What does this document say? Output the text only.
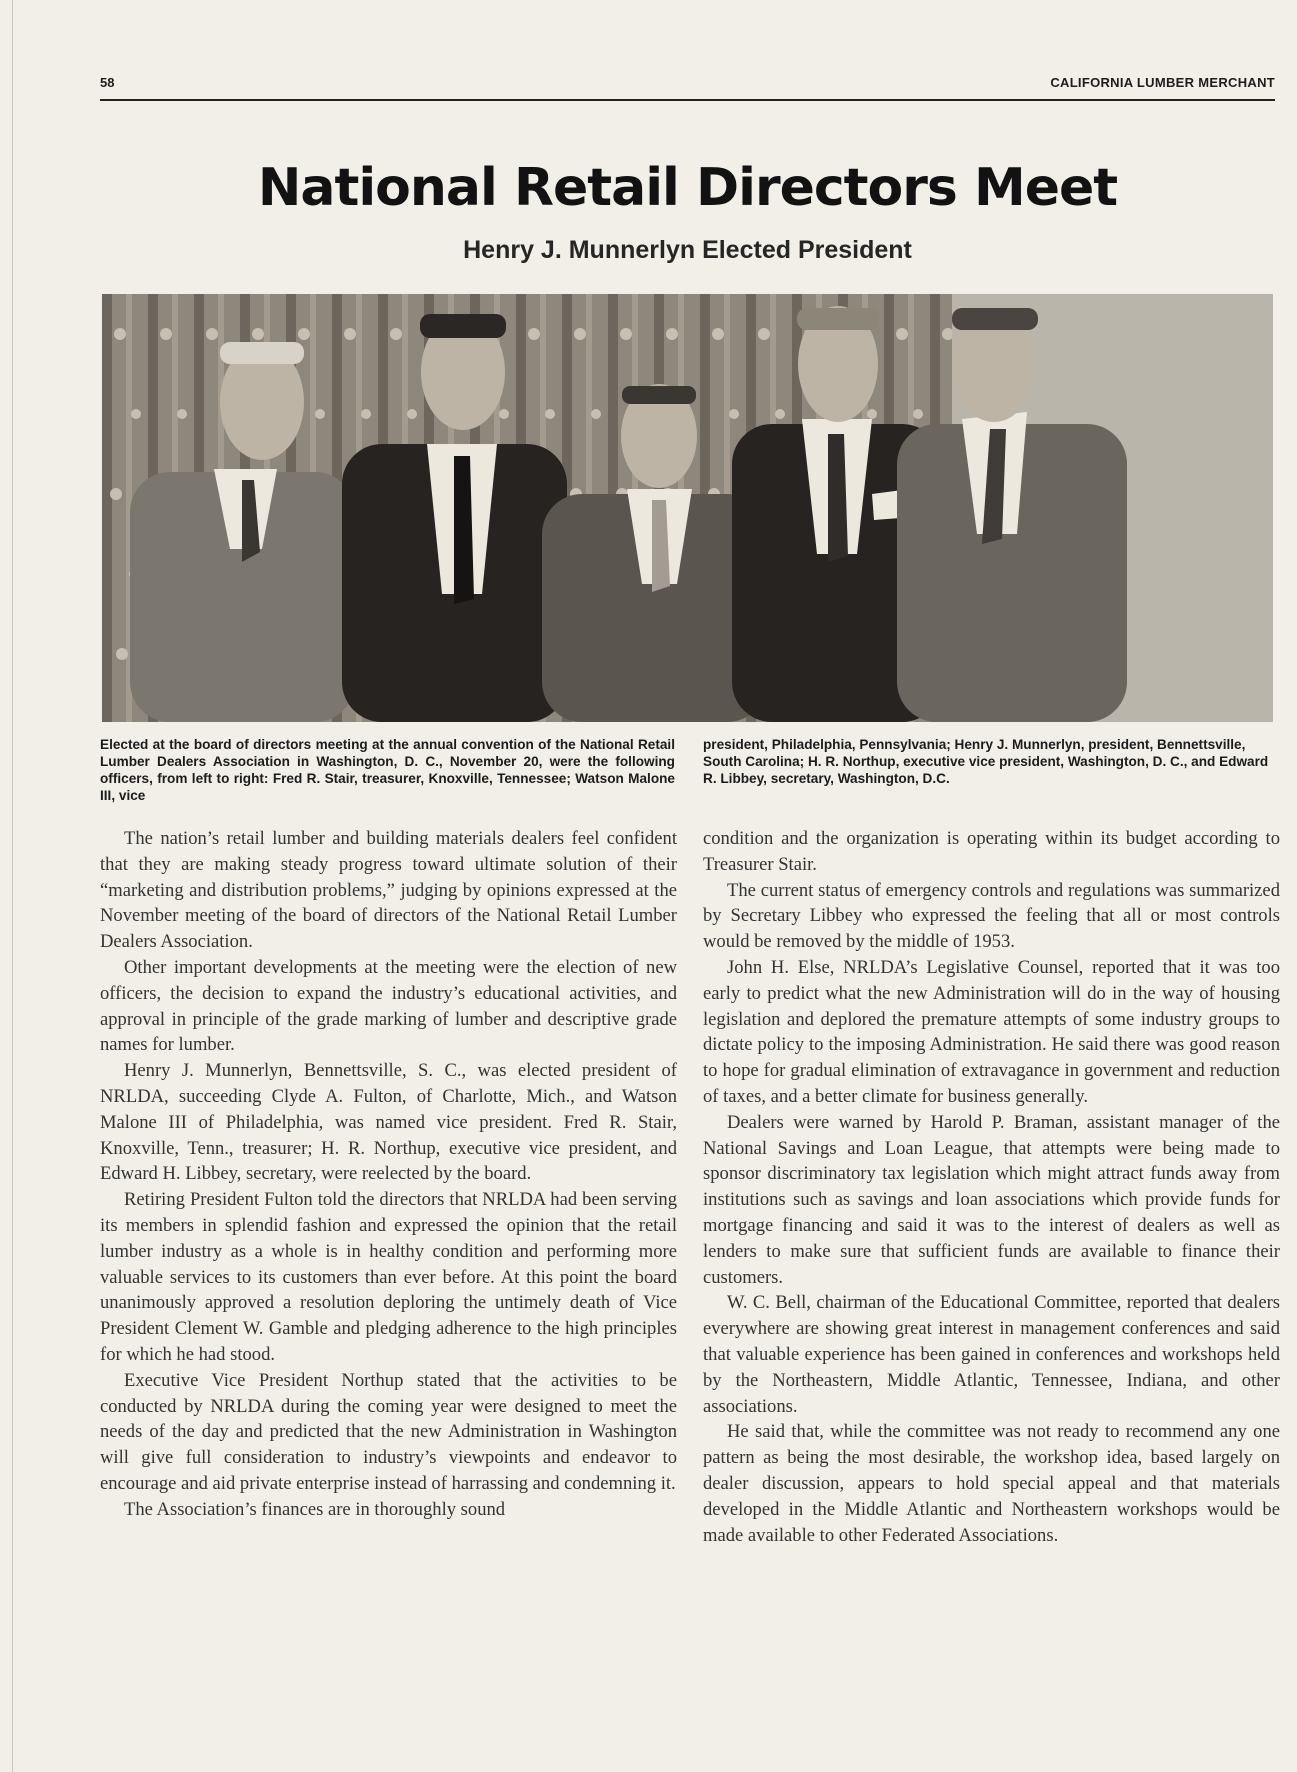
58	CALIFORNIA LUMBER MERCHANT
National Retail Directors Meet
Henry J. Munnerlyn Elected President

Elected at the board of directors meeting at the annual convention of the National Retail Lumber Dealers Association in Washington, D. C., November 20, were the following officers, from left to right: Fred R. Stair, treasurer, Knoxville, Tennessee; Watson Malone III, vice

president, Philadelphia, Pennsylvania; Henry J. Munnerlyn, president, Bennettsville, South Carolina; H. R. Northup, executive vice president, Washington, D. C., and Edward R. Libbey, secretary, Washington, D.C.

The nation’s retail lumber and building materials dealers feel confident that they are making steady progress toward ultimate solution of their “marketing and distribution problems,” judging by opinions expressed at the November meeting of the board of directors of the National Retail Lumber Dealers Association.

Other important developments at the meeting were the election of new officers, the decision to expand the industry’s educational activities, and approval in principle of the grade marking of lumber and descriptive grade names for lumber.

Henry J. Munnerlyn, Bennettsville, S. C., was elected president of NRLDA, succeeding Clyde A. Fulton, of Charlotte, Mich., and Watson Malone III of Philadelphia, was named vice president. Fred R. Stair, Knoxville, Tenn., treasurer; H. R. Northup, executive vice president, and Edward H. Libbey, secretary, were reelected by the board.

Retiring President Fulton told the directors that NRLDA had been serving its members in splendid fashion and expressed the opinion that the retail lumber industry as a whole is in healthy condition and performing more valuable services to its customers than ever before. At this point the board unanimously approved a resolution deploring the untimely death of Vice President Clement W. Gamble and pledging adherence to the high principles for which he had stood.

Executive Vice President Northup stated that the activities to be conducted by NRLDA during the coming year were designed to meet the needs of the day and predicted that the new Administration in Washington will give full consideration to industry’s viewpoints and endeavor to encourage and aid private enterprise instead of harrassing and condemning it.

The Association’s finances are in thoroughly sound

condition and the organization is operating within its budget according to Treasurer Stair.

The current status of emergency controls and regulations was summarized by Secretary Libbey who expressed the feeling that all or most controls would be removed by the middle of 1953.

John H. Else, NRLDA’s Legislative Counsel, reported that it was too early to predict what the new Administration will do in the way of housing legislation and deplored the premature attempts of some industry groups to dictate policy to the imposing Administration. He said there was good reason to hope for gradual elimination of extravagance in government and reduction of taxes, and a better climate for business generally.

Dealers were warned by Harold P. Braman, assistant manager of the National Savings and Loan League, that attempts were being made to sponsor discriminatory tax legislation which might attract funds away from institutions such as savings and loan associations which provide funds for mortgage financing and said it was to the interest of dealers as well as lenders to make sure that sufficient funds are available to finance their customers.

W. C. Bell, chairman of the Educational Committee, reported that dealers everywhere are showing great interest in management conferences and said that valuable experience has been gained in conferences and workshops held by the Northeastern, Middle Atlantic, Tennessee, Indiana, and other associations.

He said that, while the committee was not ready to recommend any one pattern as being the most desirable, the workshop idea, based largely on dealer discussion, appears to hold special appeal and that materials developed in the Middle Atlantic and Northeastern workshops would be made available to other Federated Associations.
